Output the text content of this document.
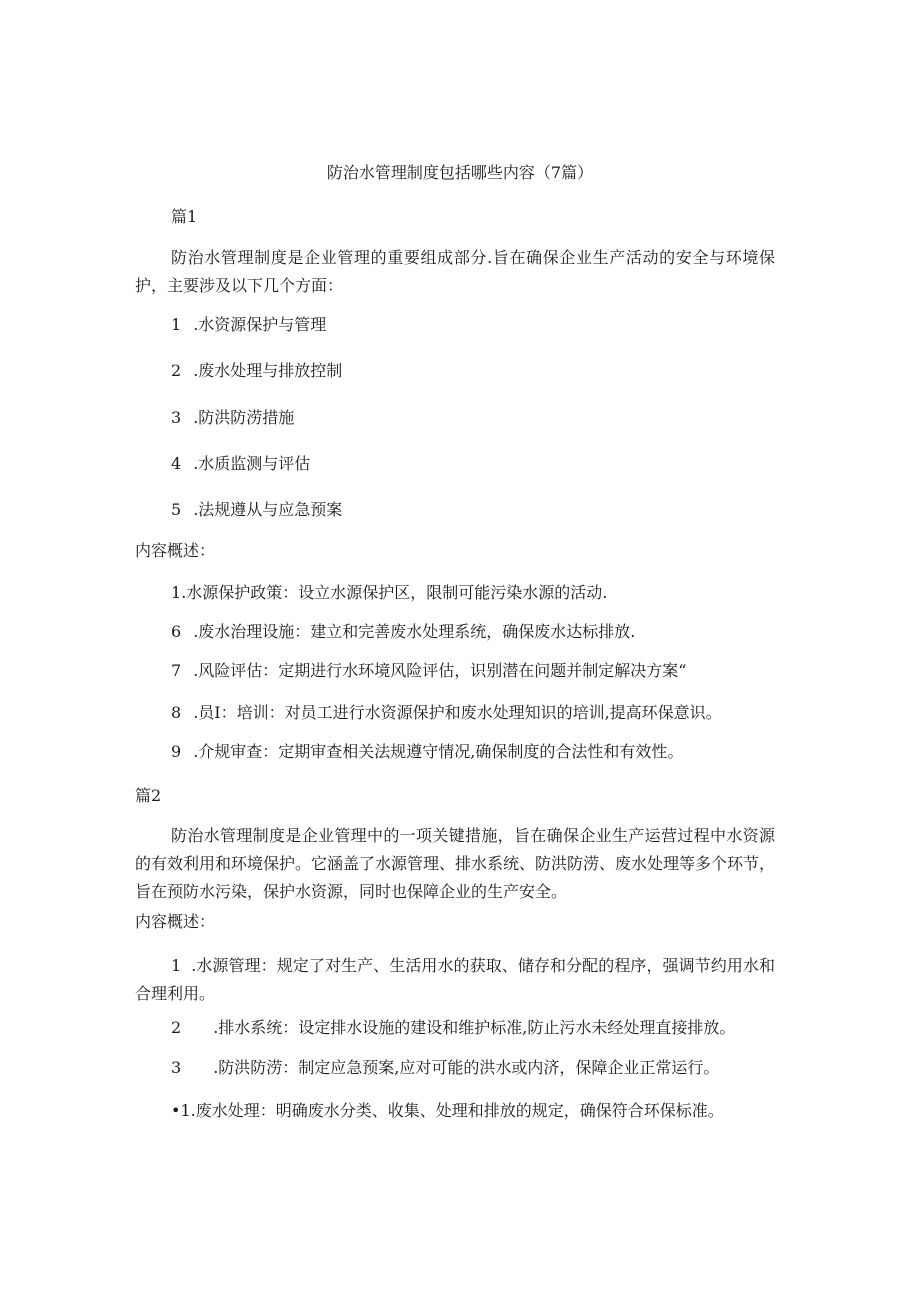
防治水管理制度包括哪些内容（7篇）

篇1

防治水管理制度是企业管理的重要组成部分.旨在确保企业生产活动的安全与环境保护，主要涉及以下几个方面：

1 .水资源保护与管理

2 .废水处理与排放控制

3 .防洪防涝措施

4 .水质监测与评估

5 .法规遵从与应急预案

内容概述：

1.水源保护政策：设立水源保护区，限制可能污染水源的活动.

6 .废水治理设施：建立和完善废水处理系统，确保废水达标排放.

7 .风险评估：定期进行水环境风险评估，识别潜在问题并制定解决方案“

8 .员I：培训：对员工进行水资源保护和废水处理知识的培训,提高环保意识。

9 .介规审查：定期审查相关法规遵守情况,确保制度的合法性和有效性。

篇2

防治水管理制度是企业管理中的一项关键措施，旨在确保企业生产运营过程中水资源的有效利用和环境保护。它涵盖了水源管理、排水系统、防洪防涝、废水处理等多个环节，旨在预防水污染，保护水资源，同时也保障企业的生产安全。

内容概述：

1 .水源管理：规定了对生产、生活用水的获取、储存和分配的程序，强调节约用水和合理利用。

2 .排水系统：设定排水设施的建设和维护标准,防止污水未经处理直接排放。

3 .防洪防涝：制定应急预案,应对可能的洪水或内济，保障企业正常运行。

•1.废水处理：明确废水分类、收集、处理和排放的规定，确保符合环保标准。
